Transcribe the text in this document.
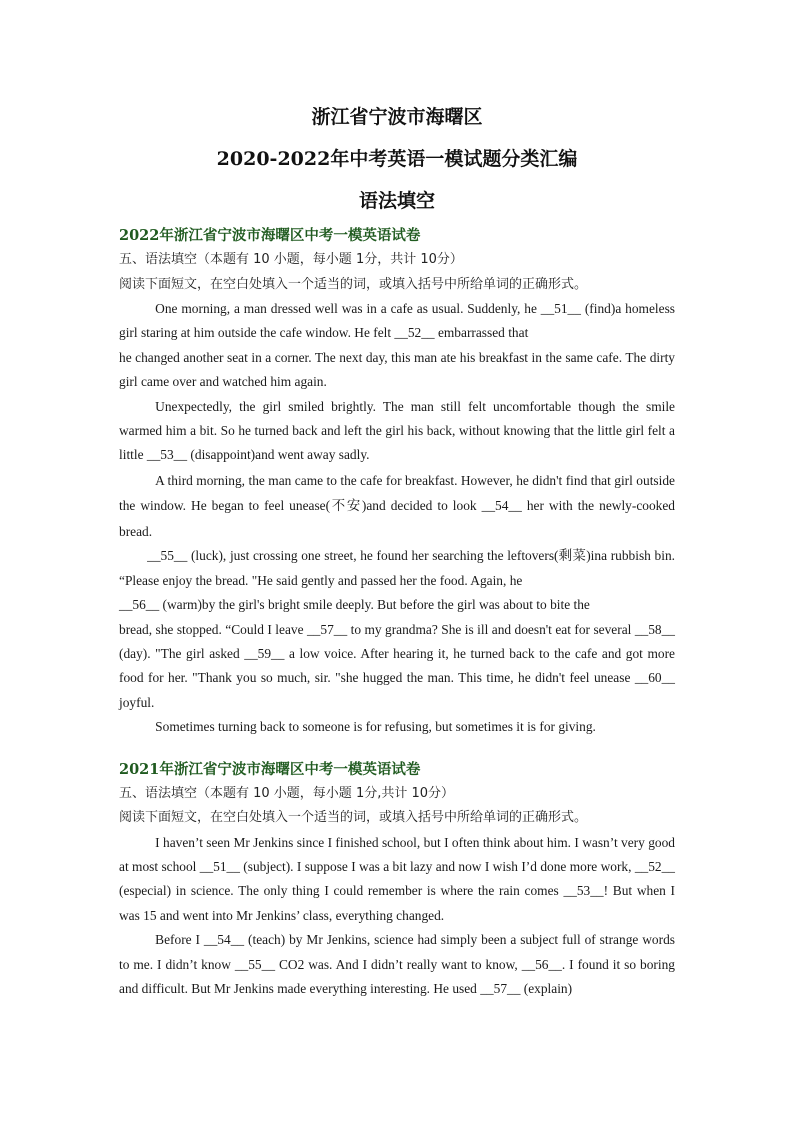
浙江省宁波市海曙区

2020-2022年中考英语一模试题分类汇编

语法填空

2022年浙江省宁波市海曙区中考一模英语试卷

五、语法填空（本题有 10 小题，每小题 1分，共计 10分）

阅读下面短文，在空白处填入一个适当的词，或填入括号中所给单词的正确形式。

One morning, a man dressed well was in a cafe as usual. Suddenly, he __51__ (find)a homeless girl staring at him outside the cafe window. He felt __52__ embarrassed that

he changed another seat in a corner. The next day, this man ate his breakfast in the same cafe. The dirty girl came over and watched him again.

Unexpectedly, the girl smiled brightly. The man still felt uncomfortable though the smile warmed him a bit. So he turned back and left the girl his back, without knowing that the little girl felt a little __53__ (disappoint)and went away sadly.

A third morning, the man came to the cafe for breakfast. However, he didn't find that girl outside the window. He began to feel unease(不安)and decided to look __54__ her with the newly-cooked bread.

__55__ (luck), just crossing one street, he found her searching the leftovers(剩菜)ina rubbish bin. “Please enjoy the bread. "He said gently and passed her the food. Again, he

__56__ (warm)by the girl's bright smile deeply. But before the girl was about to bite the

bread, she stopped. “Could I leave __57__ to my grandma? She is ill and doesn't eat for several __58__ (day). "The girl asked __59__ a low voice. After hearing it, he turned back to the cafe and got more food for her. "Thank you so much, sir. "she hugged the man. This time, he didn't feel unease __60__ joyful.

Sometimes turning back to someone is for refusing, but sometimes it is for giving.

2021年浙江省宁波市海曙区中考一模英语试卷

五、语法填空（本题有 10 小题，每小题 1分,共计 10分）

阅读下面短文，在空白处填入一个适当的词，或填入括号中所给单词的正确形式。

I haven’t seen Mr Jenkins since I finished school, but I often think about him. I wasn’t very good at most school __51__ (subject). I suppose I was a bit lazy and now I wish I’d done more work, __52__ (especial) in science. The only thing I could remember is where the rain comes __53__! But when I was 15 and went into Mr Jenkins’ class, everything changed.

Before I __54__ (teach) by Mr Jenkins, science had simply been a subject full of strange words to me. I didn’t know __55__ CO2 was. And I didn’t really want to know, __56__. I found it so boring and difficult. But Mr Jenkins made everything interesting. He used __57__ (explain)
